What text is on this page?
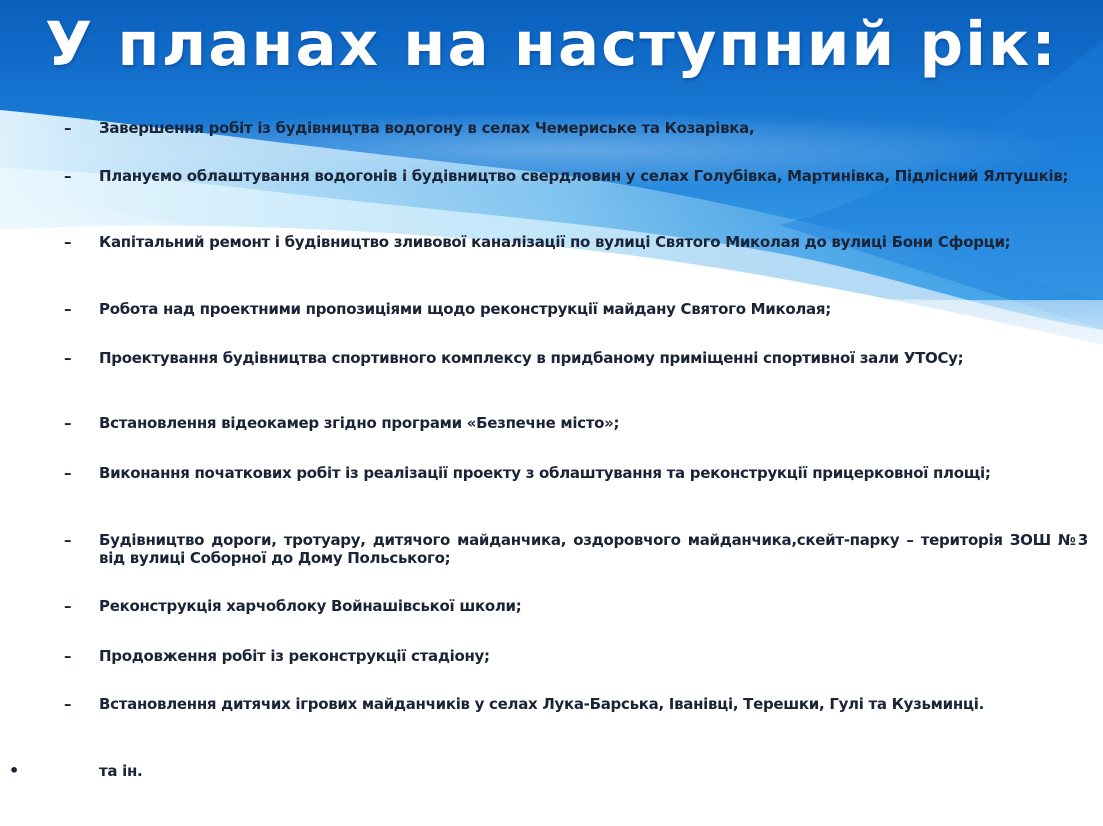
У планах на наступний рік:
– Завершення робіт із будівництва водогону в селах Чемериське та Козарівка,
– Плануємо облаштування водогонів і будівництво свердловин у селах Голубівка, Мартинівка, Підлісний Ялтушків;
– Капітальний ремонт і будівництво зливової каналізації по вулиці Святого Миколая до вулиці Бони Сфорци;
– Робота над проектними пропозиціями щодо реконструкції майдану Святого Миколая;
– Проектування будівництва спортивного комплексу в придбаному приміщенні спортивної зали УТОСу;
– Встановлення відеокамер згідно програми «Безпечне місто»;
– Виконання початкових робіт із реалізації проекту з облаштування та реконструкції прицерковної площі;
– Будівництво дороги, тротуару, дитячого майданчика, оздоровчого майданчика,скейт-парку – територія ЗОШ №3 від вулиці Соборної до Дому Польського;
– Реконструкція харчоблоку Войнашівської школи;
– Продовження робіт із реконструкції стадіону;
– Встановлення дитячих ігрових майданчиків у селах Лука-Барська, Іванівці, Терешки, Гулі та Кузьминці.
•	та ін.
